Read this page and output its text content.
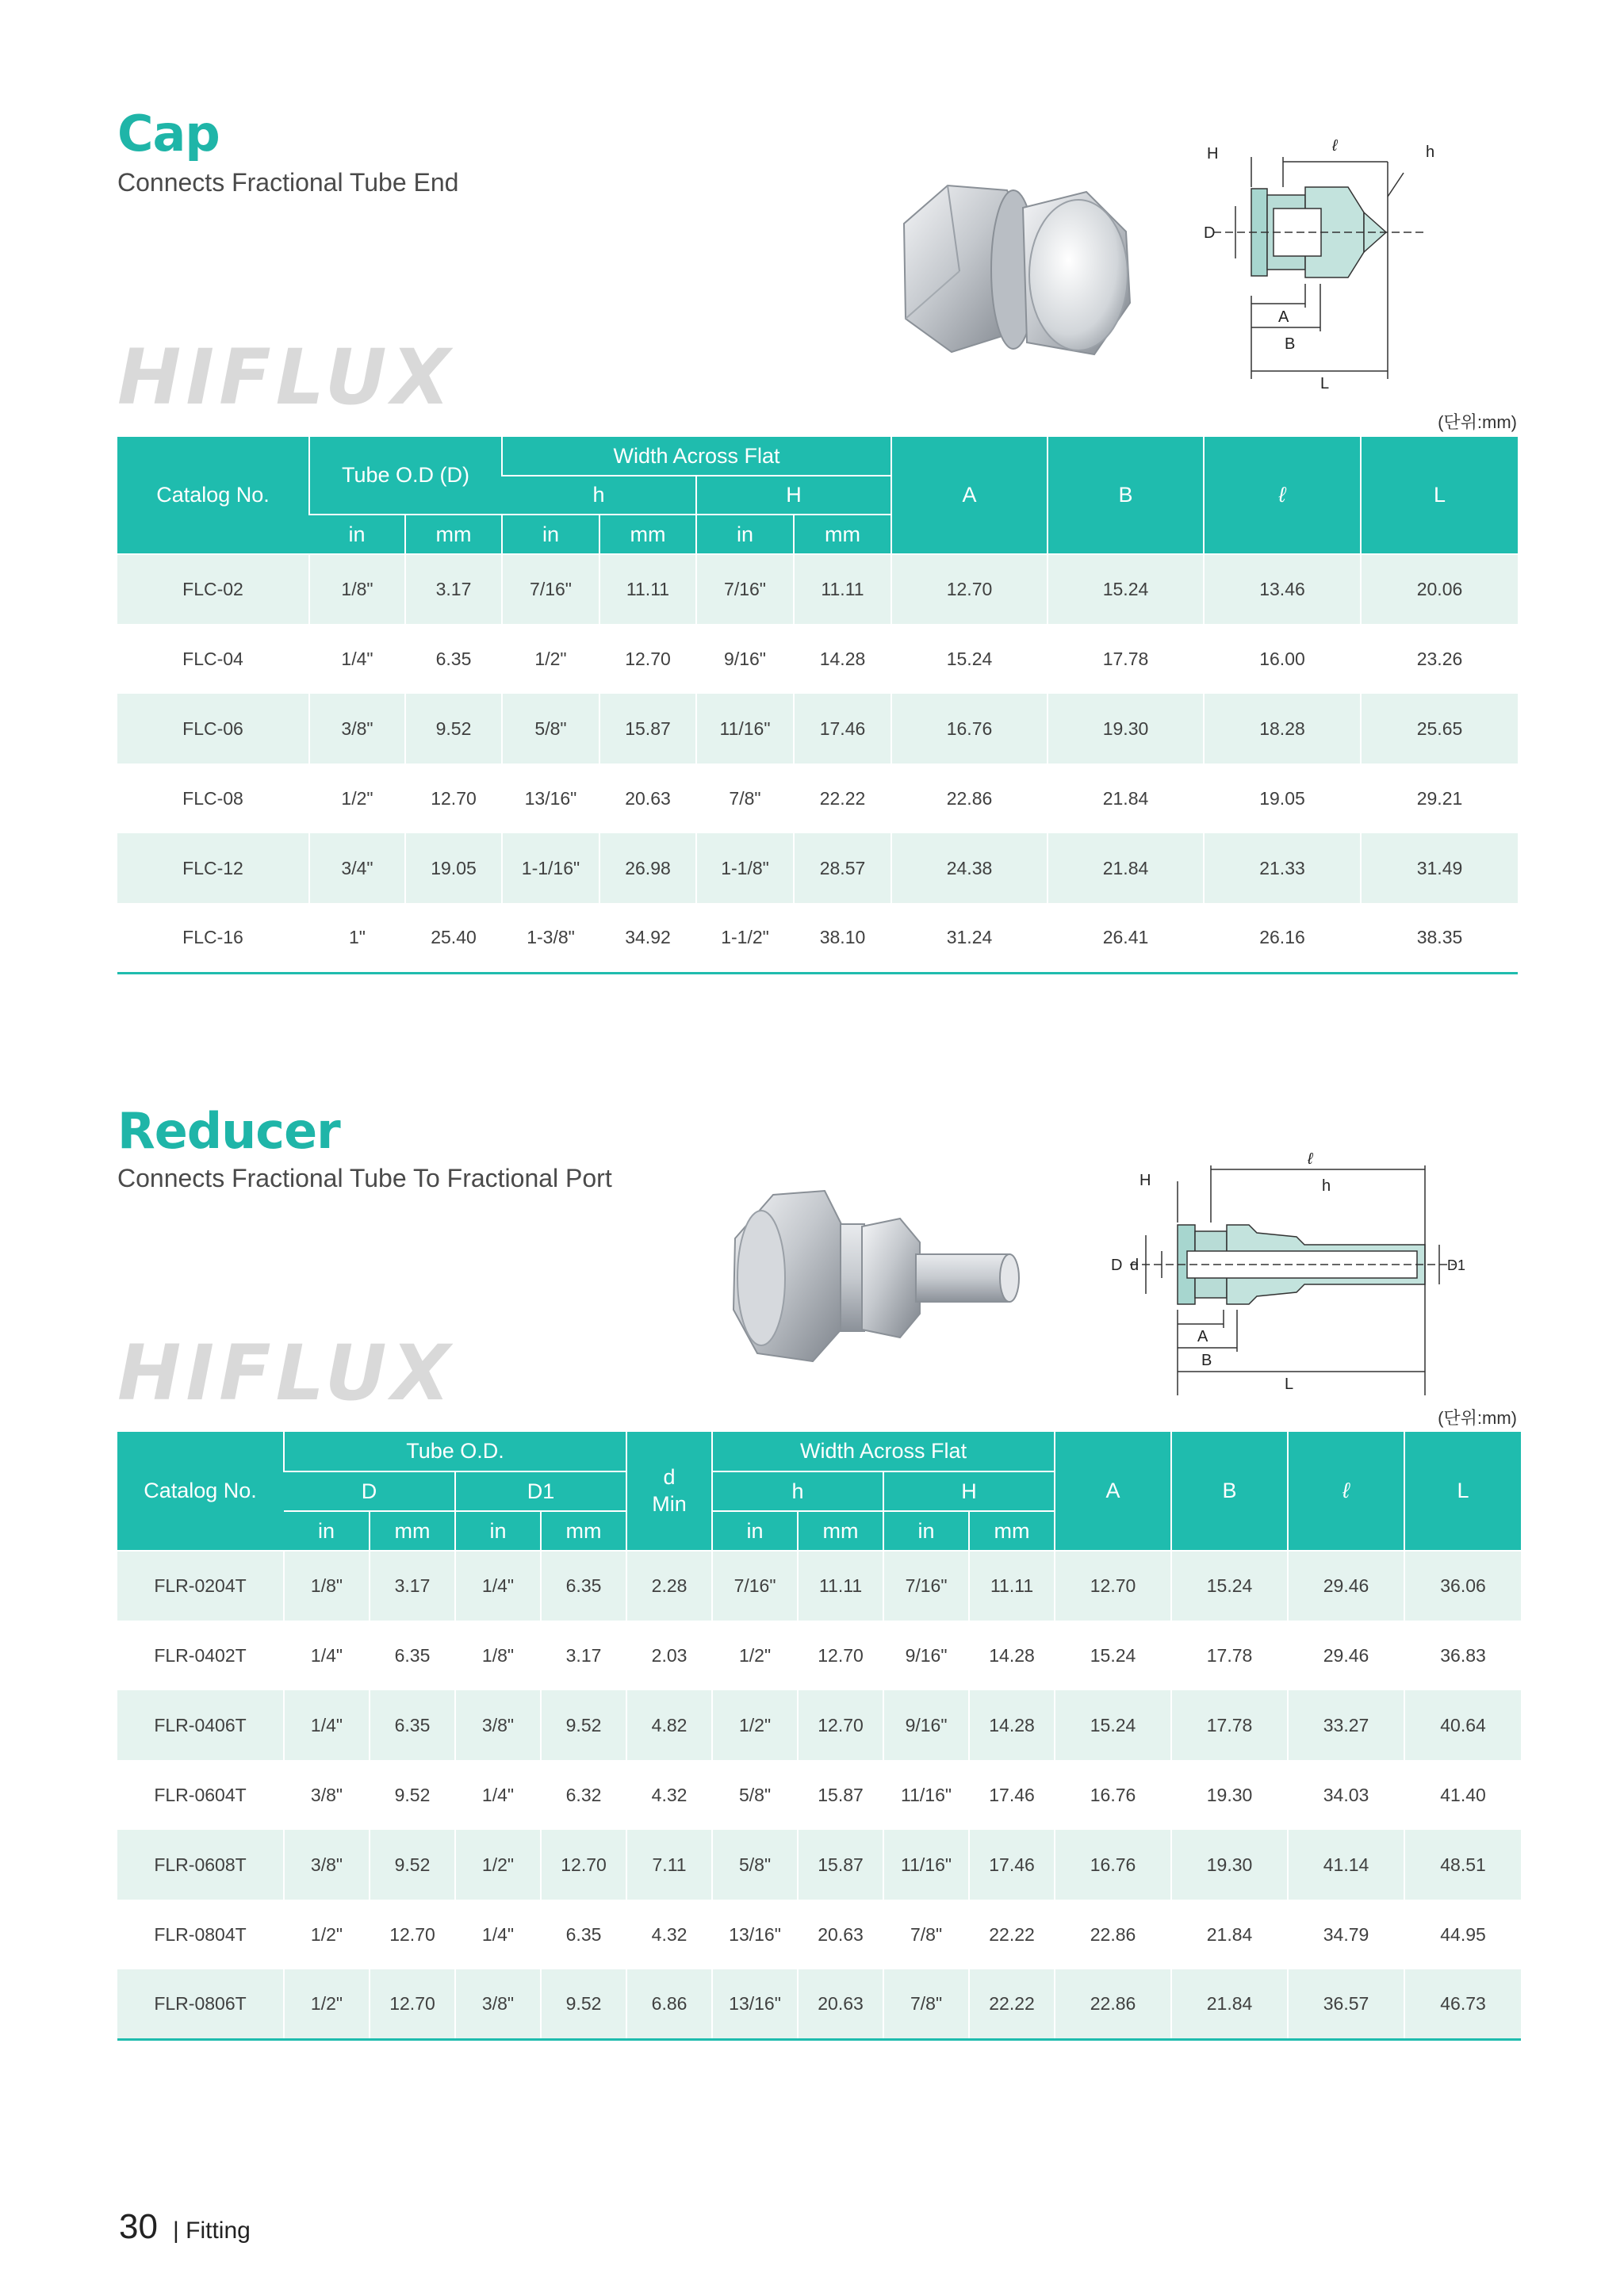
Cap
Connects Fractional Tube End
HIFLUX
H	ℓ	h
D
A
B
L
(단위:mm)
Catalog No.	Tube O.D (D)		Width Across Flat				A	B	ℓ	L
			h		H					
	in	mm	in	mm	in	mm				
FLC-02	1/8"	3.17	7/16"	11.11	7/16"	11.11	12.70	15.24	13.46	20.06
FLC-04	1/4"	6.35	1/2"	12.70	9/16"	14.28	15.24	17.78	16.00	23.26
FLC-06	3/8"	9.52	5/8"	15.87	11/16"	17.46	16.76	19.30	18.28	25.65
FLC-08	1/2"	12.70	13/16"	20.63	7/8"	22.22	22.86	21.84	19.05	29.21
FLC-12	3/4"	19.05	1-1/16"	26.98	1-1/8"	28.57	24.38	21.84	21.33	31.49
FLC-16	1"	25.40	1-3/8"	34.92	1-1/2"	38.10	31.24	26.41	26.16	38.35
Reducer
Connects Fractional Tube To Fractional Port
HIFLUX
H
ℓ
h
D d	D1
A
B
L
(단위:mm)
Catalog No.	Tube O.D.				d
Min	Width Across Flat				A	B	ℓ	L
	D		D1			h		H					
	in	mm	in	mm		in	mm	in	mm				
FLR-0204T	1/8"	3.17	1/4"	6.35	2.28	7/16"	11.11	7/16"	11.11	12.70	15.24	29.46	36.06
FLR-0402T	1/4"	6.35	1/8"	3.17	2.03	1/2"	12.70	9/16"	14.28	15.24	17.78	29.46	36.83
FLR-0406T	1/4"	6.35	3/8"	9.52	4.82	1/2"	12.70	9/16"	14.28	15.24	17.78	33.27	40.64
FLR-0604T	3/8"	9.52	1/4"	6.32	4.32	5/8"	15.87	11/16"	17.46	16.76	19.30	34.03	41.40
FLR-0608T	3/8"	9.52	1/2"	12.70	7.11	5/8"	15.87	11/16"	17.46	16.76	19.30	41.14	48.51
FLR-0804T	1/2"	12.70	1/4"	6.35	4.32	13/16"	20.63	7/8"	22.22	22.86	21.84	34.79	44.95
FLR-0806T	1/2"	12.70	3/8"	9.52	6.86	13/16"	20.63	7/8"	22.22	22.86	21.84	36.57	46.73
30 | Fitting
